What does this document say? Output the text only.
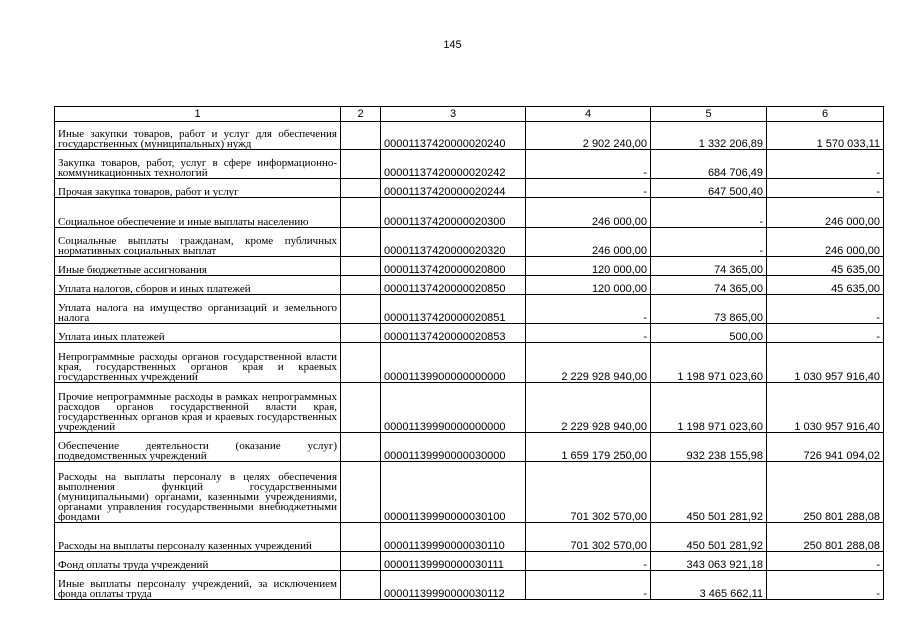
145
1	2	3	4	5	6
Иные закупки товаров, работ и услуг для обеспечения государственных (муниципальных) нужд		00001137420000020240	2 902 240,00	1 332 206,89	1 570 033,11
Закупка товаров, работ, услуг в сфере информационно-коммуникационных технологий		00001137420000020242	-	684 706,49	-
Прочая закупка товаров, работ и услуг		00001137420000020244	-	647 500,40	-
Социальное обеспечение и иные выплаты населению		00001137420000020300	246 000,00	-	246 000,00
Социальные выплаты гражданам, кроме публичных нормативных социальных выплат		00001137420000020320	246 000,00	-	246 000,00
Иные бюджетные ассигнования		00001137420000020800	120 000,00	74 365,00	45 635,00
Уплата налогов, сборов и иных платежей		00001137420000020850	120 000,00	74 365,00	45 635,00
Уплата налога на имущество организаций и земельного налога		00001137420000020851	-	73 865,00	-
Уплата иных платежей		00001137420000020853	-	500,00	-
Непрограммные расходы органов государственной власти края, государственных органов края и краевых государственных учреждений		00001139900000000000	2 229 928 940,00	1 198 971 023,60	1 030 957 916,40
Прочие непрограммные расходы в рамках непрограммных расходов органов государственной власти края, государственных органов края и краевых государственных учреждений		00001139990000000000	2 229 928 940,00	1 198 971 023,60	1 030 957 916,40
Обеспечение деятельности (оказание услуг) подведомственных учреждений		00001139990000030000	1 659 179 250,00	932 238 155,98	726 941 094,02
Расходы на выплаты персоналу в целях обеспечения выполнения функций государственными (муниципальными) органами, казенными учреждениями, органами управления государственными внебюджетными фондами		00001139990000030100	701 302 570,00	450 501 281,92	250 801 288,08
Расходы на выплаты персоналу казенных учреждений		00001139990000030110	701 302 570,00	450 501 281,92	250 801 288,08
Фонд оплаты труда учреждений		00001139990000030111	-	343 063 921,18	-
Иные выплаты персоналу учреждений, за исключением фонда оплаты труда		00001139990000030112	-	3 465 662,11	-
